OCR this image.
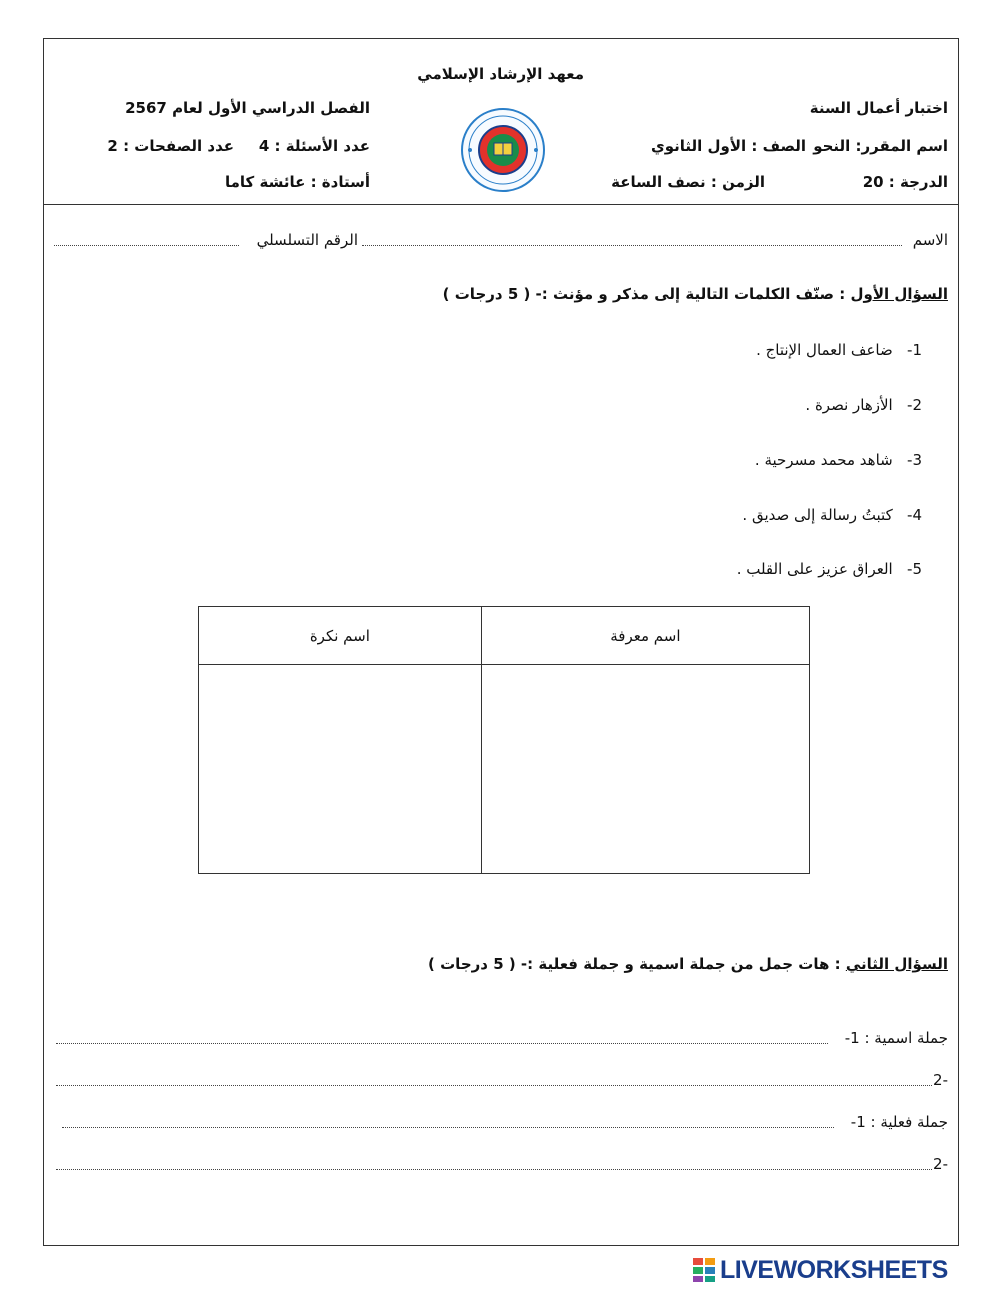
معهد الإرشاد الإسلامي
اختبار أعمال السنة
الفصل الدراسي الأول لعام 2567
اسم المقرر: النحو
الصف : الأول الثانوي
عدد الأسئلة : 4
عدد الصفحات : 2
الدرجة : 20
الزمن : نصف الساعة
أستادة : عائشة كاما
الاسم
الرقم التسلسلي
السؤال الأول : صنّف الكلمات التالية إلى مذكر و مؤنث :- ( 5 درجات )
1-   ضاعف العمال الإنتاج .
2-   الأزهار نصرة .
3-   شاهد محمد مسرحية .
4-   كتبتُ رسالة إلى صديق .
5-   العراق عزيز على القلب .
اسم نكرة	اسم معرفة

السؤال الثاني : هات جمل من جملة اسمية و جملة فعلية :- ( 5 درجات )
جملة اسمية : 1-
2-
جملة فعلية : 1-
2-
LIVEWORKSHEETS
